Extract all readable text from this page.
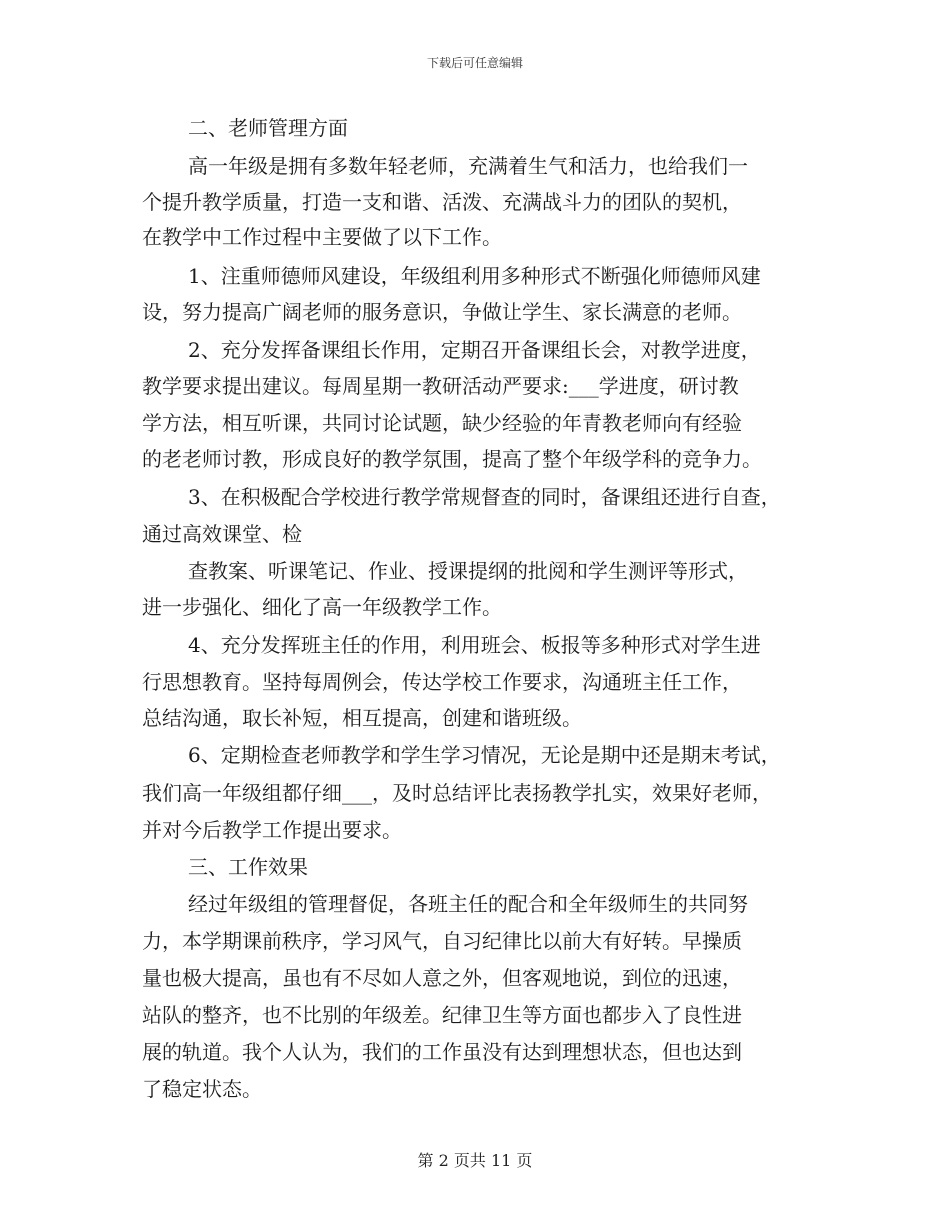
下载后可任意编辑
二、老师管理方面
高一年级是拥有多数年轻老师，充满着生气和活力，也给我们一
个提升教学质量，打造一支和谐、活泼、充满战斗力的团队的契机，
在教学中工作过程中主要做了以下工作。
1、注重师德师风建设，年级组利用多种形式不断强化师德师风建
设，努力提高广阔老师的服务意识，争做让学生、家长满意的老师。
2、充分发挥备课组长作用，定期召开备课组长会，对教学进度，
教学要求提出建议。每周星期一教研活动严要求:___学进度，研讨教
学方法，相互听课，共同讨论试题，缺少经验的年青教老师向有经验
的老老师讨教，形成良好的教学氛围，提高了整个年级学科的竞争力。
3、在积极配合学校进行教学常规督查的同时，备课组还进行自查，
通过高效课堂、检
查教案、听课笔记、作业、授课提纲的批阅和学生测评等形式，
进一步强化、细化了高一年级教学工作。
4、充分发挥班主任的作用，利用班会、板报等多种形式对学生进
行思想教育。坚持每周例会，传达学校工作要求，沟通班主任工作，
总结沟通，取长补短，相互提高，创建和谐班级。
6、定期检查老师教学和学生学习情况，无论是期中还是期末考试，
我们高一年级组都仔细___，及时总结评比表扬教学扎实，效果好老师，
并对今后教学工作提出要求。
三、工作效果
经过年级组的管理督促，各班主任的配合和全年级师生的共同努
力，本学期课前秩序，学习风气，自习纪律比以前大有好转。早操质
量也极大提高，虽也有不尽如人意之外，但客观地说，到位的迅速，
站队的整齐，也不比别的年级差。纪律卫生等方面也都步入了良性进
展的轨道。我个人认为，我们的工作虽没有达到理想状态，但也达到
了稳定状态。
第 2 页共 11 页
